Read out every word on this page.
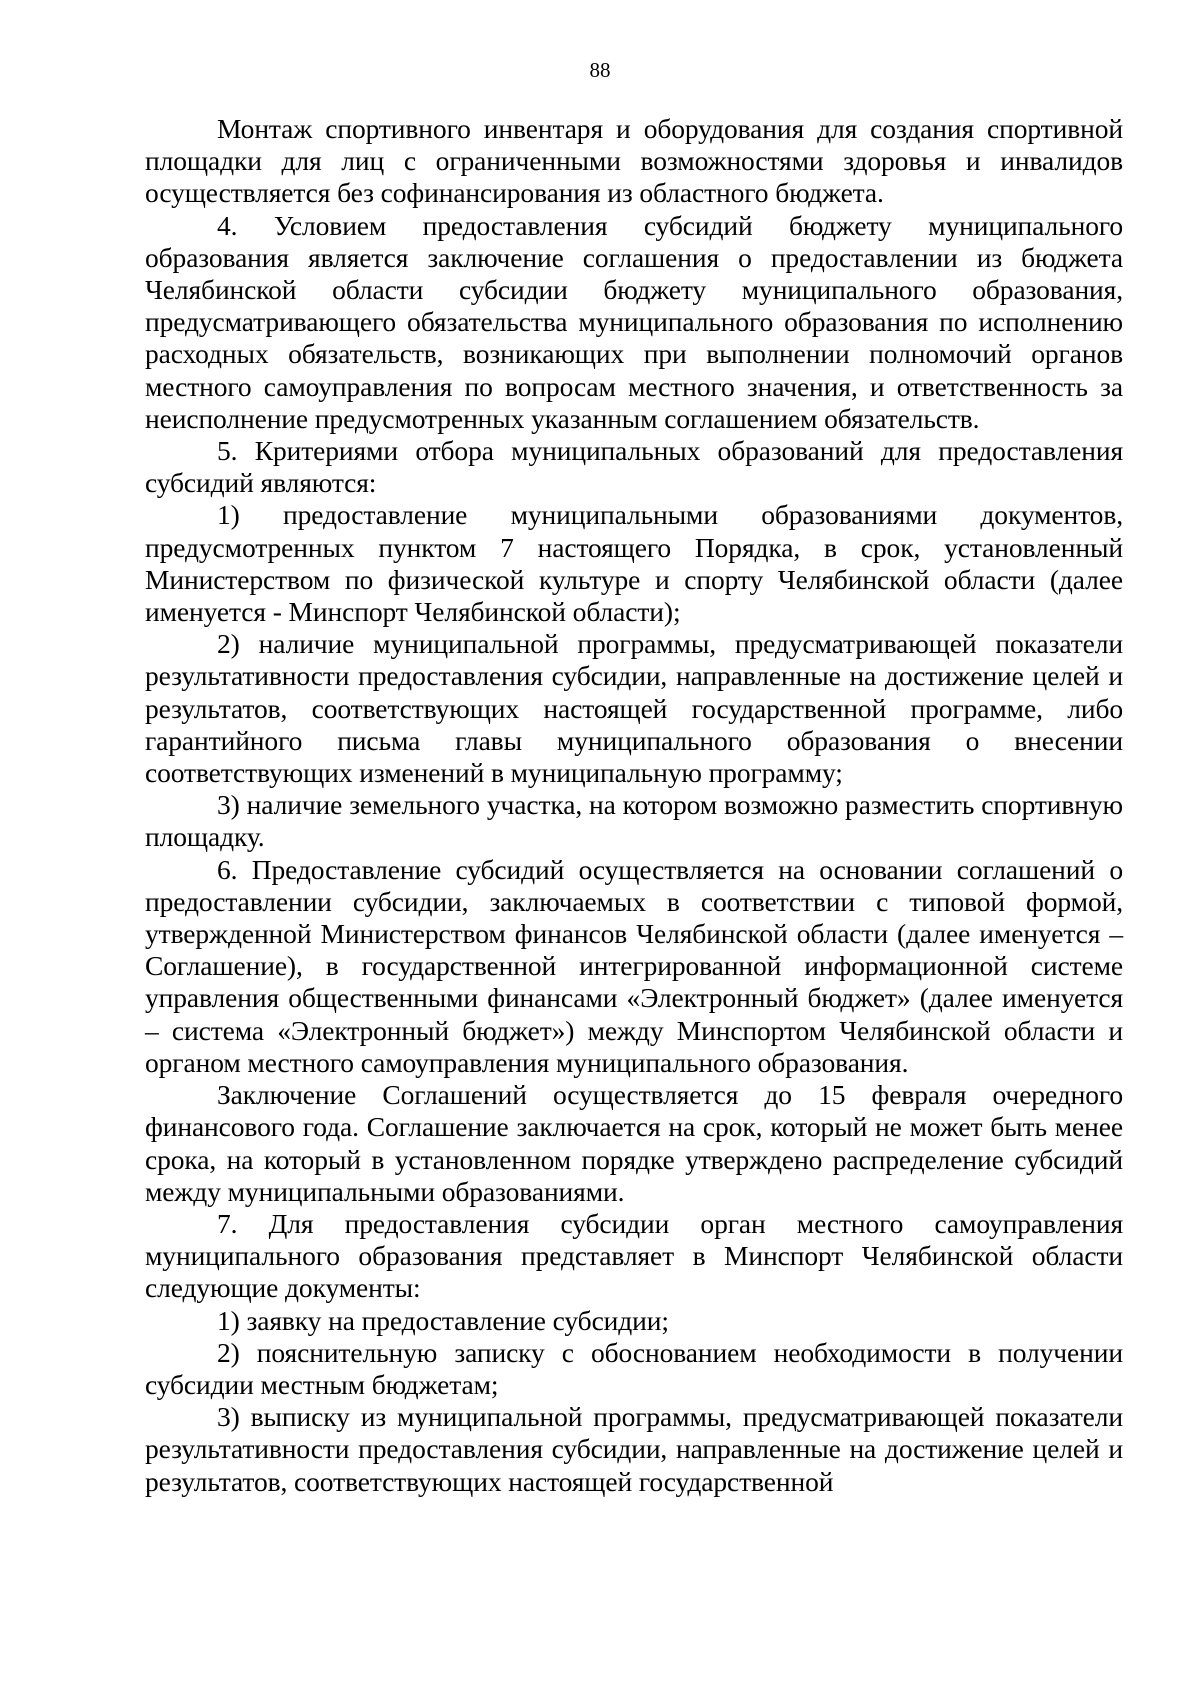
88

Монтаж спортивного инвентаря и оборудования для создания спортивной площадки для лиц с ограниченными возможностями здоровья и инвалидов осуществляется без софинансирования из областного бюджета.

4. Условием предоставления субсидий бюджету муниципального образования является заключение соглашения о предоставлении из бюджета Челябинской области субсидии бюджету муниципального образования, предусматривающего обязательства муниципального образования по исполнению расходных обязательств, возникающих при выполнении полномочий органов местного самоуправления по вопросам местного значения, и ответственность за неисполнение предусмотренных указанным соглашением обязательств.

5. Критериями отбора муниципальных образований для предоставления субсидий являются:

1) предоставление муниципальными образованиями документов, предусмотренных пунктом 7 настоящего Порядка, в срок, установленный Министерством по физической культуре и спорту Челябинской области (далее именуется - Минспорт Челябинской области);

2) наличие муниципальной программы, предусматривающей показатели результативности предоставления субсидии, направленные на достижение целей и результатов, соответствующих настоящей государственной программе, либо гарантийного письма главы муниципального образования о внесении соответствующих изменений в муниципальную программу;

3) наличие земельного участка, на котором возможно разместить спортивную площадку.

6. Предоставление субсидий осуществляется на основании соглашений о предоставлении субсидии, заключаемых в соответствии с типовой формой, утвержденной Министерством финансов Челябинской области (далее именуется – Соглашение), в государственной интегрированной информационной системе управления общественными финансами «Электронный бюджет» (далее именуется – система «Электронный бюджет») между Минспортом Челябинской области и органом местного самоуправления муниципального образования.

Заключение Соглашений осуществляется до 15 февраля очередного финансового года. Соглашение заключается на срок, который не может быть менее срока, на который в установленном порядке утверждено распределение субсидий между муниципальными образованиями.

7. Для предоставления субсидии орган местного самоуправления муниципального образования представляет в Минспорт Челябинской области следующие документы:

1) заявку на предоставление субсидии;

2) пояснительную записку с обоснованием необходимости в получении субсидии местным бюджетам;

3) выписку из муниципальной программы, предусматривающей показатели результативности предоставления субсидии, направленные на достижение целей и результатов, соответствующих настоящей государственной
